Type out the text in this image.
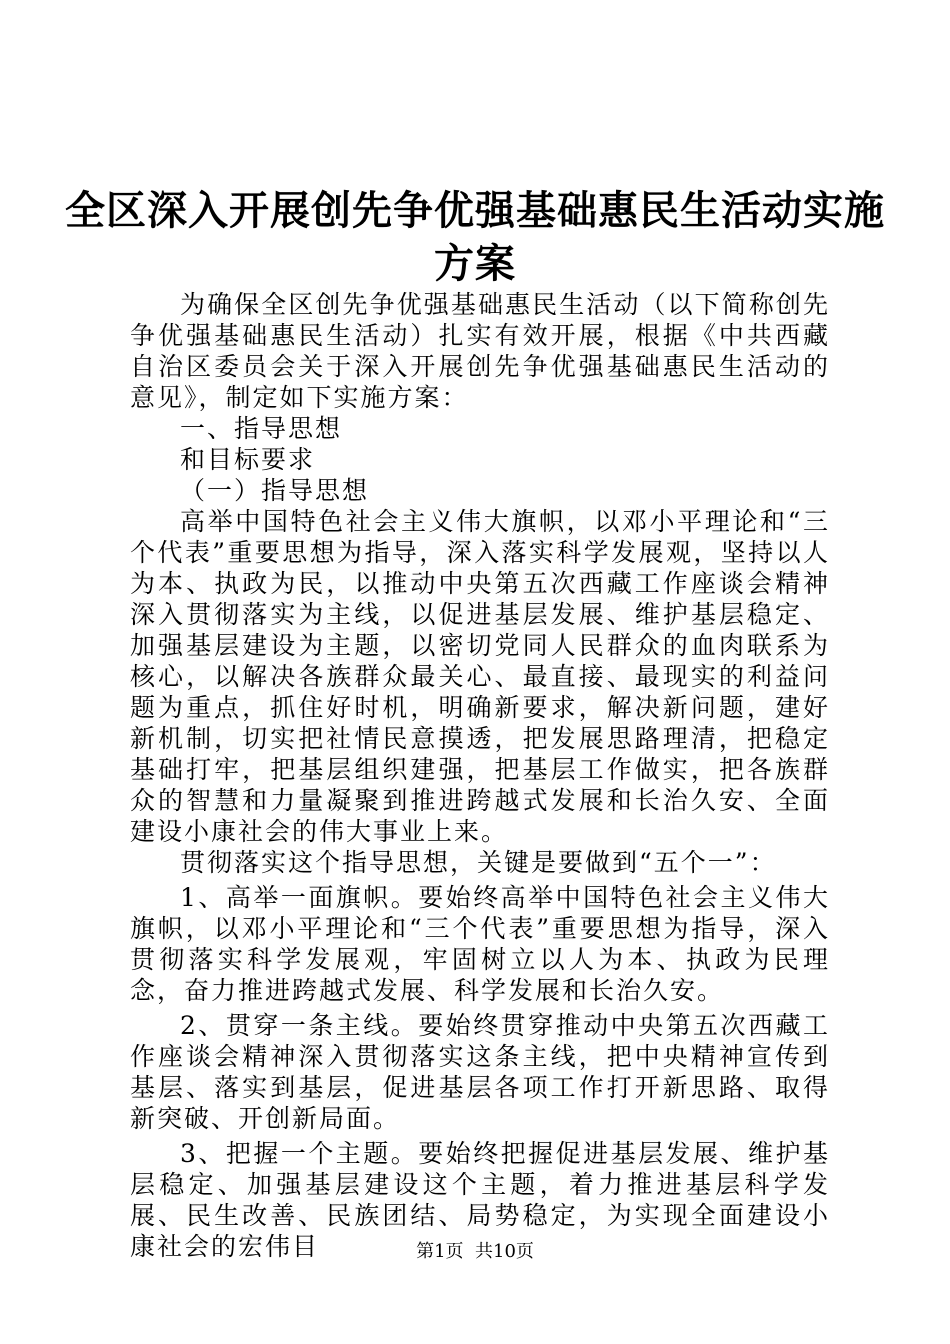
全区深入开展创先争优强基础惠民生活动实施
方案

为确保全区创先争优强基础惠民生活动（以下简称创先争优强基础惠民生活动）扎实有效开展，根据《中共西藏自治区委员会关于深入开展创先争优强基础惠民生活动的意见》，制定如下实施方案：

一、指导思想

和目标要求

（一）指导思想

高举中国特色社会主义伟大旗帜，以邓小平理论和“三个代表”重要思想为指导，深入落实科学发展观，坚持以人为本、执政为民，以推动中央第五次西藏工作座谈会精神深入贯彻落实为主线，以促进基层发展、维护基层稳定、加强基层建设为主题，以密切党同人民群众的血肉联系为核心，以解决各族群众最关心、最直接、最现实的利益问题为重点，抓住好时机，明确新要求，解决新问题，建好新机制，切实把社情民意摸透，把发展思路理清，把稳定基础打牢，把基层组织建强，把基层工作做实，把各族群众的智慧和力量凝聚到推进跨越式发展和长治久安、全面建设小康社会的伟大事业上来。

贯彻落实这个指导思想，关键是要做到“五个一”：

1、高举一面旗帜。要始终高举中国特色社会主义伟大旗帜，以邓小平理论和“三个代表”重要思想为指导，深入贯彻落实科学发展观，牢固树立以人为本、执政为民理念，奋力推进跨越式发展、科学发展和长治久安。

2、贯穿一条主线。要始终贯穿推动中央第五次西藏工作座谈会精神深入贯彻落实这条主线，把中央精神宣传到基层、落实到基层，促进基层各项工作打开新思路、取得新突破、开创新局面。

3、把握一个主题。要始终把握促进基层发展、维护基层稳定、加强基层建设这个主题，着力推进基层科学发展、民生改善、民族团结、局势稳定，为实现全面建设小康社会的宏伟目	第1页  共10页
